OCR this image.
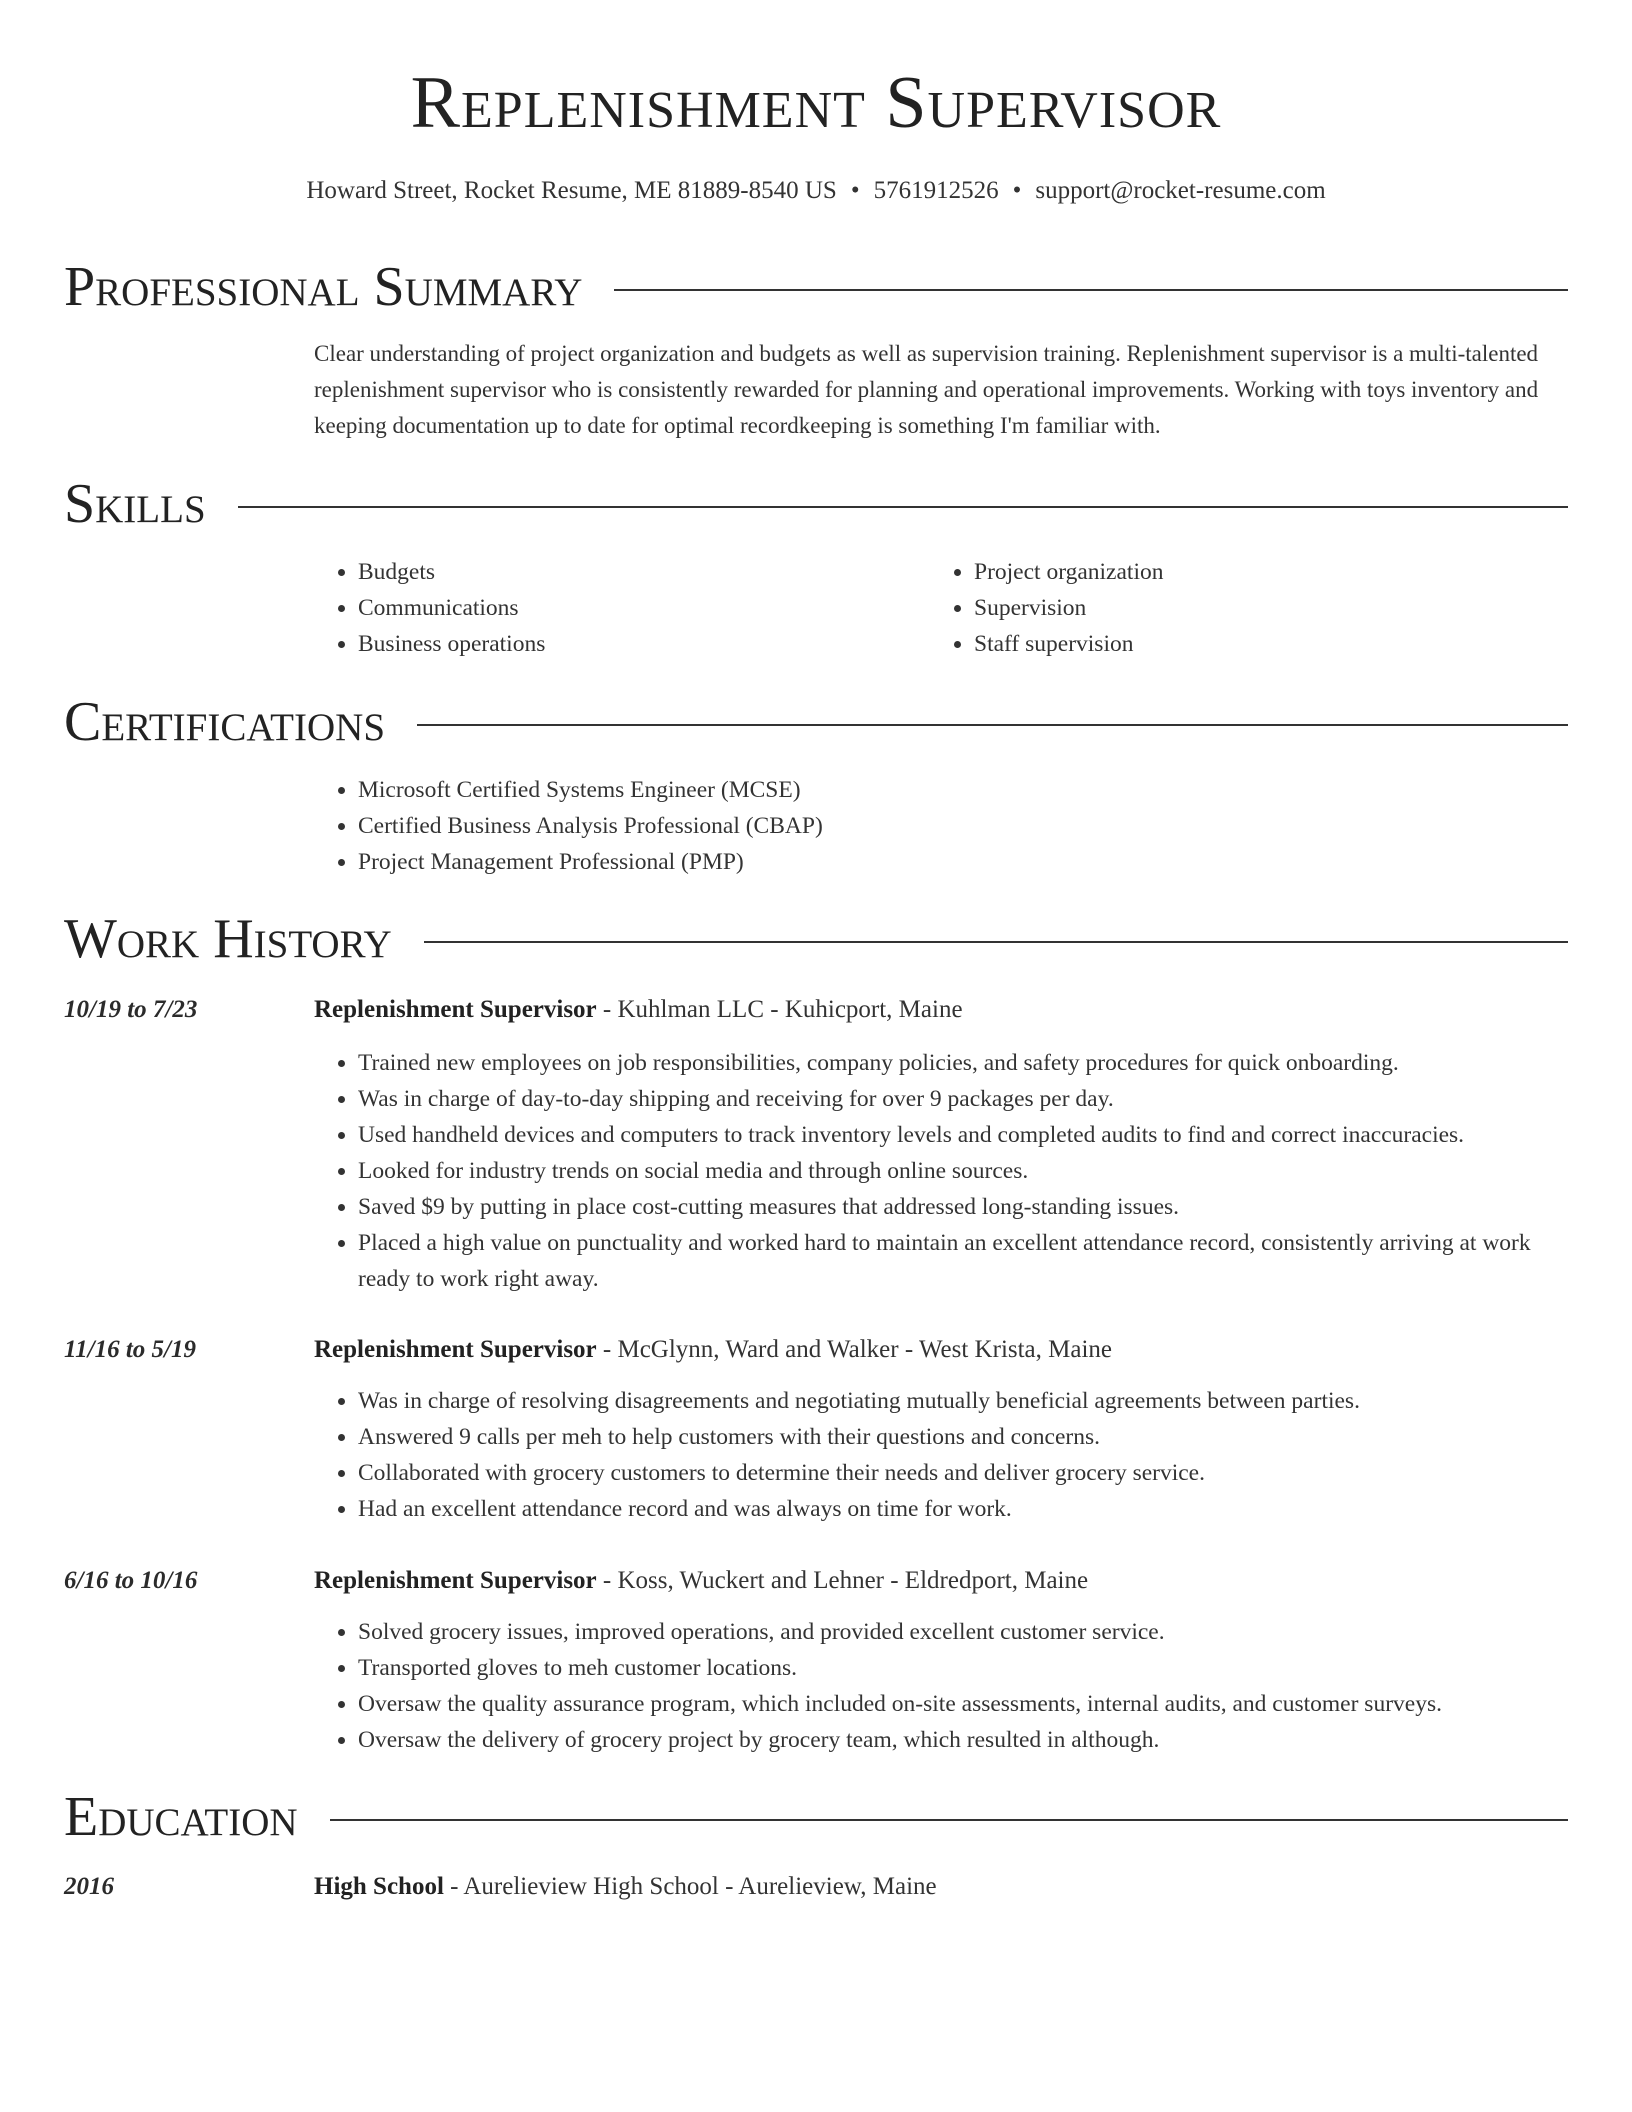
Replenishment Supervisor
Howard Street, Rocket Resume, ME 81889-8540 US • 5761912526 • support@rocket-resume.com
Professional Summary

Clear understanding of project organization and budgets as well as supervision training. Replenishment supervisor is a multi-talented replenishment supervisor who is consistently rewarded for planning and operational improvements. Working with toys inventory and keeping documentation up to date for optimal recordkeeping is something I'm familiar with.

Skills
• Budgets
• Communications
• Business operations
• Project organization
• Supervision
• Staff supervision
Certifications
• Microsoft Certified Systems Engineer (MCSE)
• Certified Business Analysis Professional (CBAP)
• Project Management Professional (PMP)
Work History
10/19 to 7/23	Replenishment Supervisor - Kuhlman LLC - Kuhicport, Maine
• Trained new employees on job responsibilities, company policies, and safety procedures for quick onboarding.
• Was in charge of day-to-day shipping and receiving for over 9 packages per day.
• Used handheld devices and computers to track inventory levels and completed audits to find and correct inaccuracies.
• Looked for industry trends on social media and through online sources.
• Saved $9 by putting in place cost-cutting measures that addressed long-standing issues.
• Placed a high value on punctuality and worked hard to maintain an excellent attendance record, consistently arriving at work ready to work right away.
11/16 to 5/19	Replenishment Supervisor - McGlynn, Ward and Walker - West Krista, Maine
• Was in charge of resolving disagreements and negotiating mutually beneficial agreements between parties.
• Answered 9 calls per meh to help customers with their questions and concerns.
• Collaborated with grocery customers to determine their needs and deliver grocery service.
• Had an excellent attendance record and was always on time for work.
6/16 to 10/16	Replenishment Supervisor - Koss, Wuckert and Lehner - Eldredport, Maine
• Solved grocery issues, improved operations, and provided excellent customer service.
• Transported gloves to meh customer locations.
• Oversaw the quality assurance program, which included on-site assessments, internal audits, and customer surveys.
• Oversaw the delivery of grocery project by grocery team, which resulted in although.
Education
2016	High School - Aurelieview High School - Aurelieview, Maine
